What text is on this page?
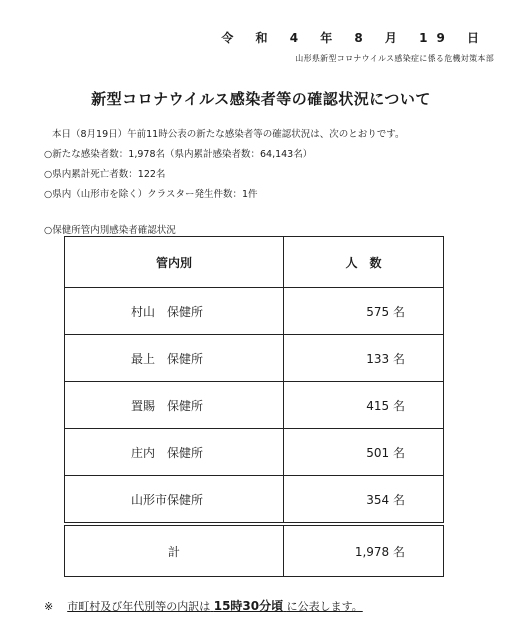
令 和 4 年 8 月 19 日
山形県新型コロナウイルス感染症に係る危機対策本部
新型コロナウイルス感染者等の確認状況について
本日（8月19日）午前11時公表の新たな感染者等の確認状況は、次のとおりです。
○新たな感染者数：1,978名（県内累計感染者数：64,143名）
○県内累計死亡者数：122名
○県内（山形市を除く）クラスター発生件数：1件
○保健所管内別感染者確認状況
管内別	人　数
村山　保健所	575 名
最上　保健所	133 名
置賜　保健所	415 名
庄内　保健所	501 名
山形市保健所	354 名
計	1,978 名
※ 市町村及び年代別等の内訳は 15時30分頃 に公表します。
